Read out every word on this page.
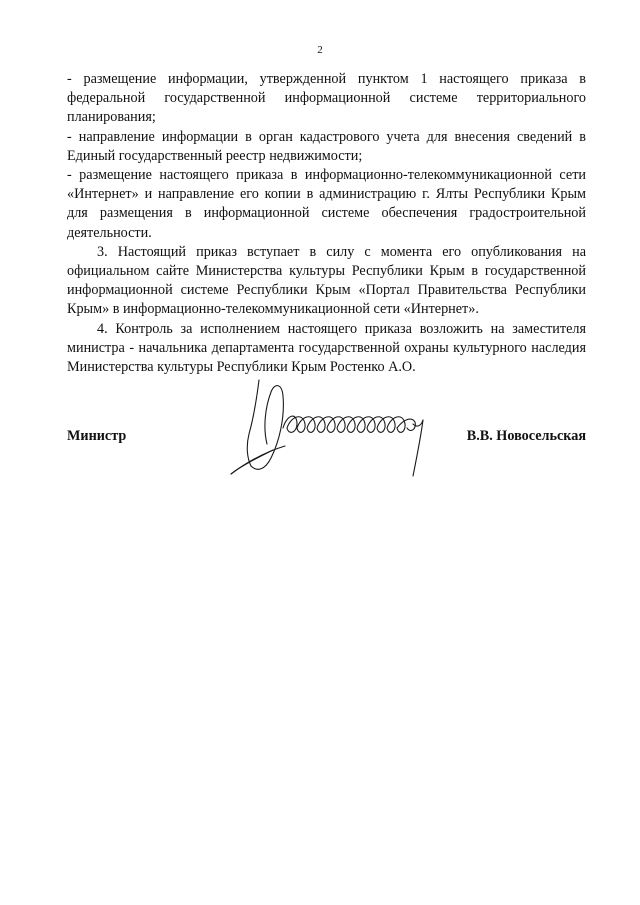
2

- размещение информации, утвержденной пунктом 1 настоящего приказа в федеральной государственной информационной системе территориального планирования;

- направление информации в орган кадастрового учета для внесения сведений в Единый государственный реестр недвижимости;

- размещение настоящего приказа в информационно-телекоммуникационной сети «Интернет» и направление его копии в администрацию г. Ялты Республики Крым для размещения в информационной системе обеспечения градостроительной деятельности.

3. Настоящий приказ вступает в силу с момента его опубликования на официальном сайте Министерства культуры Республики Крым в государственной информационной системе Республики Крым «Портал Правительства Республики Крым» в информационно-телекоммуникационной сети «Интернет».

4. Контроль за исполнением настоящего приказа возложить на заместителя министра - начальника департамента государственной охраны культурного наследия Министерства культуры Республики Крым Ростенко А.О.

Министр	В.В. Новосельская
